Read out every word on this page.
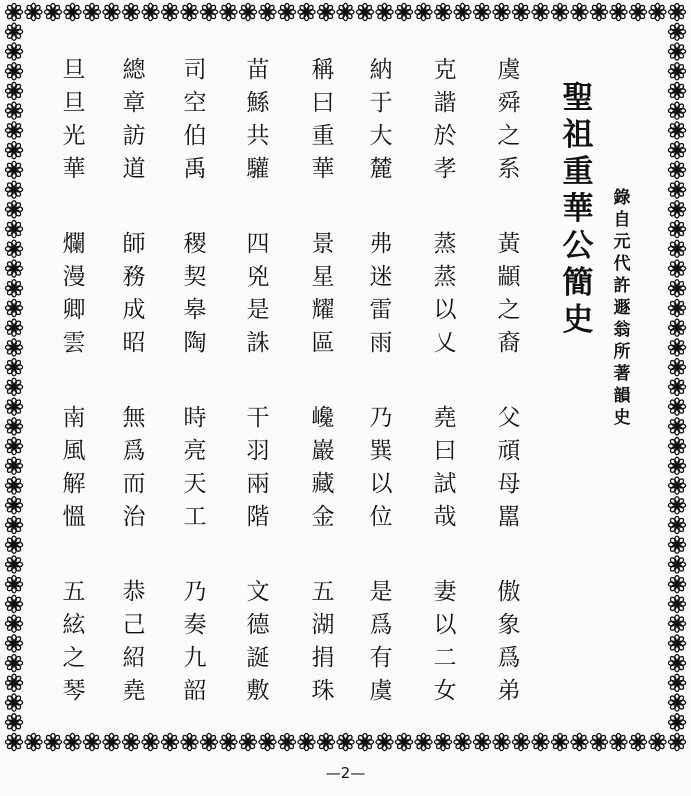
聖
祖
重
華
公
簡
史
錄
自
元
代
許
遯
翁
所
著
韻
史
虞
舜
之
系
黃
顓
之
裔
父
頑
母
嚚
傲
象
爲
弟
克
諧
於
孝
蒸
蒸
以
乂
堯
曰
試
哉
妻
以
二
女
納
于
大
麓
弗
迷
雷
雨
乃
巽
以
位
是
爲
有
虞
稱
曰
重
華
景
星
耀
區
巉
巖
藏
金
五
湖
捐
珠
苗
鯀
共
驩
四
兇
是
誅
干
羽
兩
階
文
德
誕
敷
司
空
伯
禹
稷
契
皋
陶
時
亮
天
工
乃
奏
九
韶
總
章
訪
道
師
務
成
昭
無
爲
而
治
恭
己
紹
堯
旦
旦
光
華
爛
漫
卿
雲
南
風
解
慍
五
絃
之
琴
—2—
